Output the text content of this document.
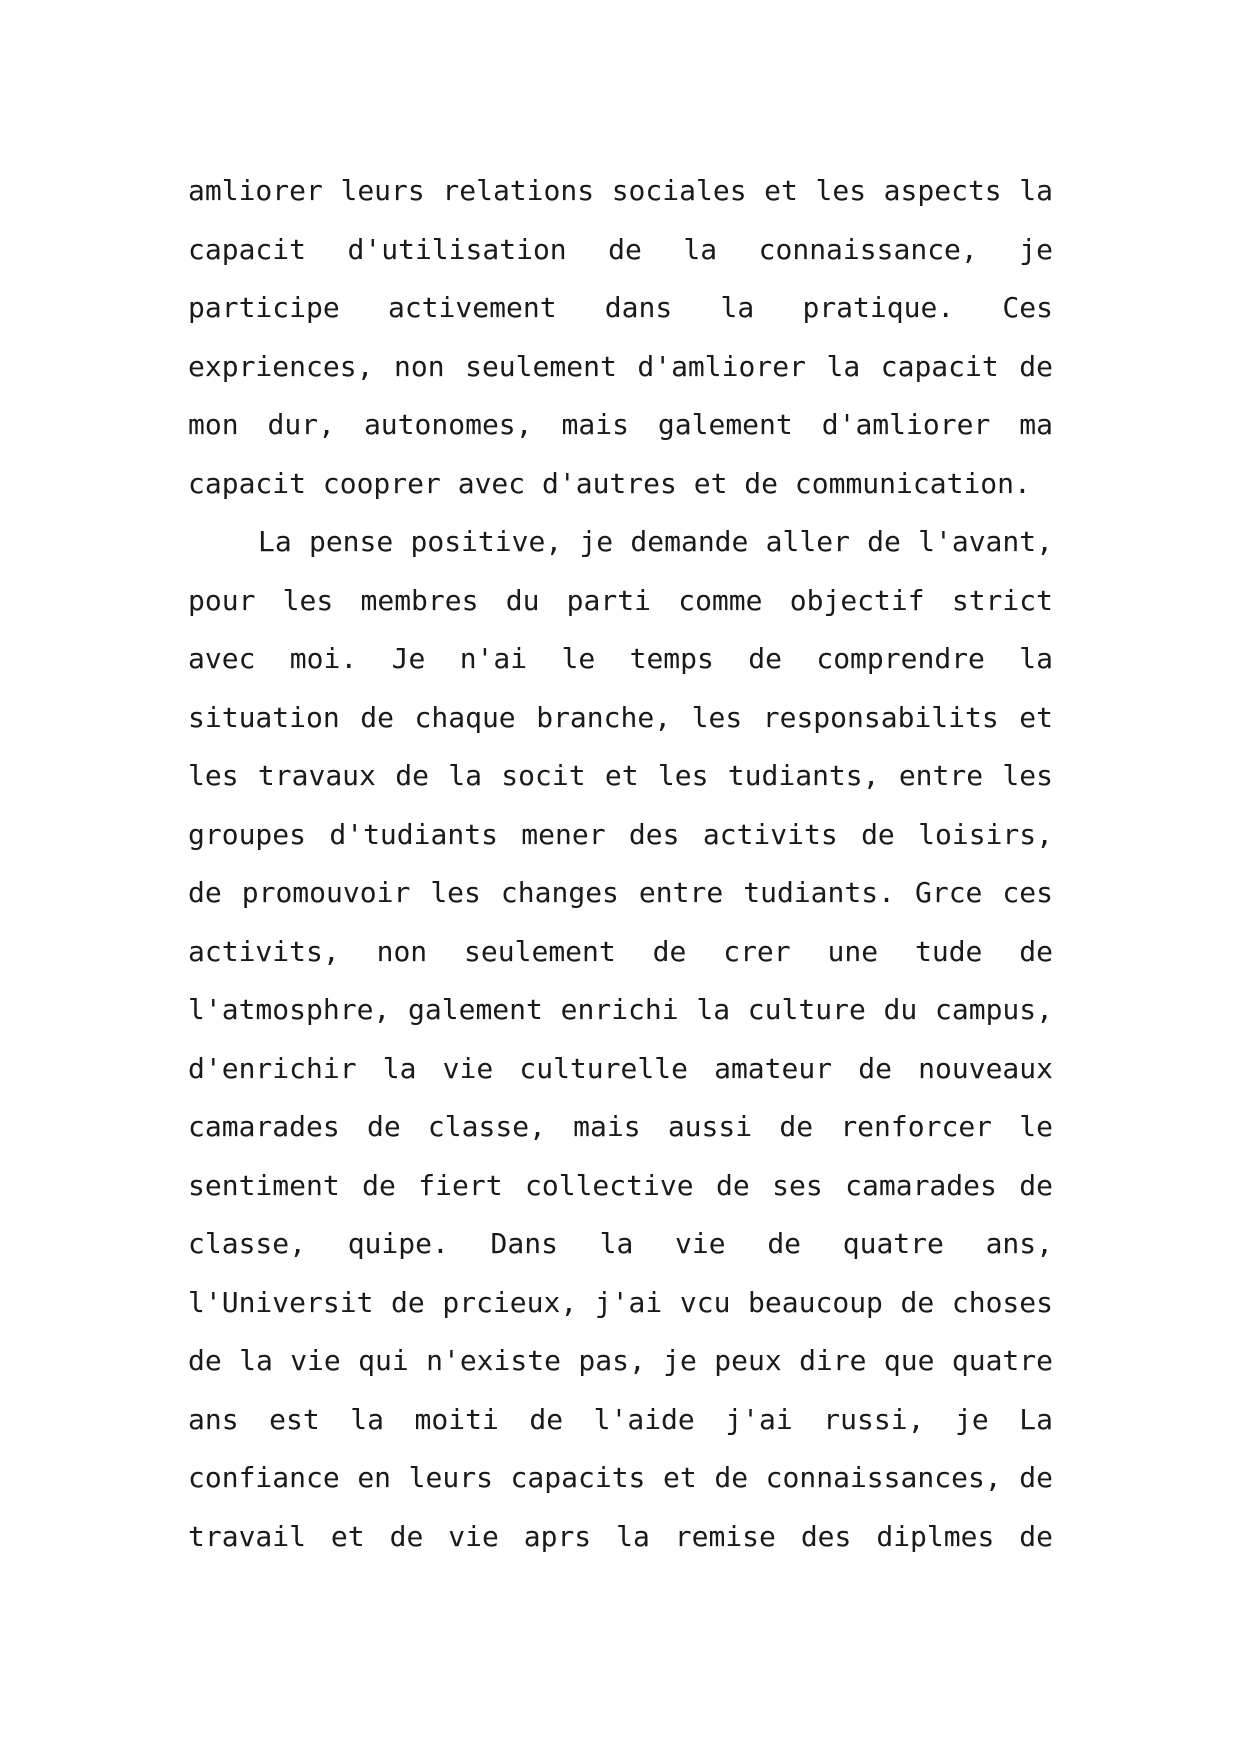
amliorer leurs relations sociales et les aspects la
capacit d'utilisation de la connaissance, je
participe activement dans la pratique. Ces
expriences, non seulement d'amliorer la capacit de
mon dur, autonomes, mais galement d'amliorer ma
capacit cooprer avec d'autres et de communication.
La pense positive, je demande aller de l'avant,
pour les membres du parti comme objectif strict
avec moi. Je n'ai le temps de comprendre la
situation de chaque branche, les responsabilits et
les travaux de la socit et les tudiants, entre les
groupes d'tudiants mener des activits de loisirs,
de promouvoir les changes entre tudiants. Grce ces
activits, non seulement de crer une tude de
l'atmosphre, galement enrichi la culture du campus,
d'enrichir la vie culturelle amateur de nouveaux
camarades de classe, mais aussi de renforcer le
sentiment de fiert collective de ses camarades de
classe, quipe. Dans la vie de quatre ans,
l'Universit de prcieux, j'ai vcu beaucoup de choses
de la vie qui n'existe pas, je peux dire que quatre
ans est la moiti de l'aide j'ai russi, je La
confiance en leurs capacits et de connaissances, de
travail et de vie aprs la remise des diplmes de
